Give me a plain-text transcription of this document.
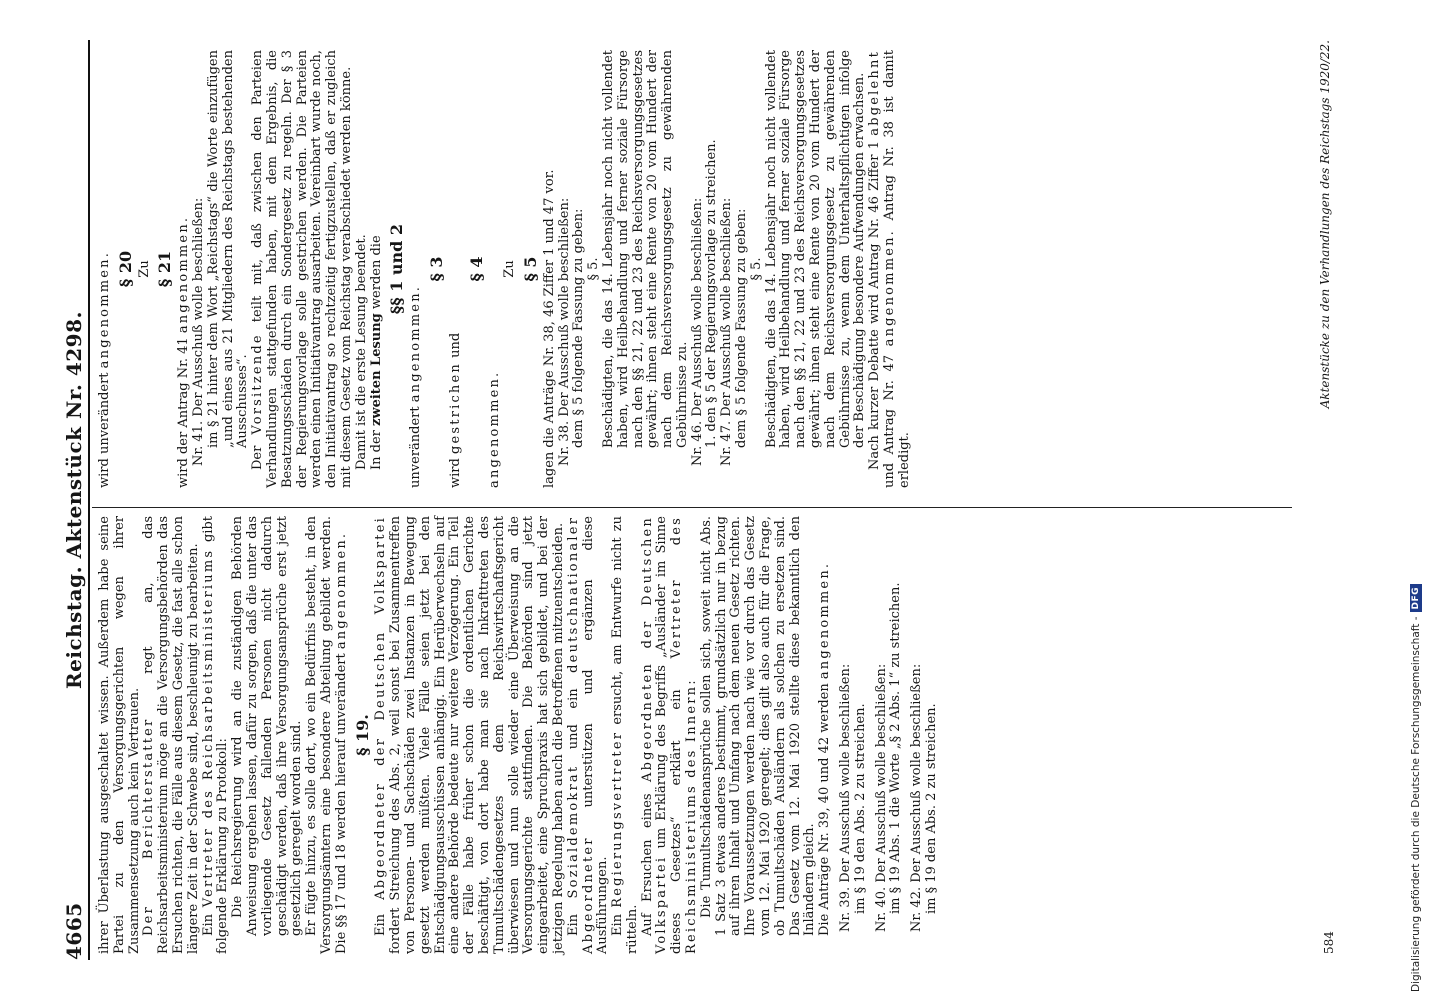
4665
Reichstag. Aktenstück Nr. 4298.

ihrer Überlastung ausgeschaltet wissen. Außerdem habe seine Partei zu den Versorgungsgerichten wegen ihrer Zusammensetzung auch kein Vertrauen. Der Berichterstatter regt an, das Reichsarbeitsministerium möge an die Versorgungsbehörden das Ersuchen richten, die Fälle aus diesem Gesetz, die fast alle schon längere Zeit in der Schwebe sind, beschleunigt zu bearbeiten. Ein Vertreter des Reichsarbeitsministeriums gibt folgende Erklärung zu Protokoll: Die Reichsregierung wird an die zuständigen Behörden Anweisung ergehen lassen, dafür zu sorgen, daß die unter das vorliegende Gesetz fallenden Personen nicht dadurch geschädigt werden, daß ihre Versorgungsansprüche erst jetzt gesetzlich geregelt worden sind. Er fügte hinzu, es solle dort, wo ein Bedürfnis besteht, in den Versorgungsämtern eine besondere Abteilung gebildet werden. Die §§ 17 und 18 werden hierauf unverändert angenommen.

§ 19.

Ein Abgeordneter der Deutschen Volkspartei fordert Streichung des Abs. 2, weil sonst bei Zusammentreffen von Personen- und Sachschäden zwei Instanzen in Bewegung gesetzt werden müßten. Viele Fälle seien jetzt bei den Entschädigungsausschüssen anhängig. Ein Herüberwechseln auf eine andere Behörde bedeute nur weitere Verzögerung. Ein Teil der Fälle habe früher schon die ordentlichen Gerichte beschäftigt, von dort habe man sie nach Inkrafttreten des Tumultschädengesetzes dem Reichswirtschaftsgericht überwiesen und nun solle wieder eine Überweisung an die Versorgungsgerichte stattfinden. Die Behörden sind jetzt eingearbeitet, eine Spruchpraxis hat sich gebildet, und bei der jetzigen Regelung haben auch die Betroffenen mitzuentscheiden. Ein Sozialdemokrat und ein deutschnationaler Abgeordneter unterstützen und ergänzen diese Ausführungen. Ein Regierungsvertreter ersucht, am Entwurfe nicht zu rütteln. Auf Ersuchen eines Abgeordneten der Deutschen Volkspartei um Erklärung des Begriffs „Ausländer im Sinne dieses Gesetzes“ erklärt ein Vertreter des Reichsministeriums des Innern: Die Tumultschädenansprüche sollen sich, soweit nicht Abs. 1 Satz 3 etwas anderes bestimmt, grundsätzlich nur in bezug auf ihren Inhalt und Umfang nach dem neuen Gesetz richten. Ihre Voraussetzungen werden nach wie vor durch das Gesetz vom 12. Mai 1920 geregelt; dies gilt also auch für die Frage, ob Tumultschäden Ausländern als solchen zu ersetzen sind. Das Gesetz vom 12. Mai 1920 stellte diese bekanntlich den Inländern gleich. Die Anträge Nr. 39, 40 und 42 werden angenommen.

Nr. 39. Der Ausschuß wolle beschließen: im § 19 den Abs. 2 zu streichen. Nr. 40. Der Ausschuß wolle beschließen: im § 19 Abs. 1 die Worte „§ 2 Abs. 1“ zu streichen. Nr. 42. Der Ausschuß wolle beschließen: im § 19 den Abs. 2 zu streichen.

wird unverändert angenommen. § 20 Zu § 21

wird der Antrag Nr. 41 angenommen. Nr. 41. Der Ausschuß wolle beschließen: im § 21 hinter dem Wort „Reichstags“ die Worte einzufügen „und eines aus 21 Mitgliedern des Reichstags bestehenden Ausschusses“.

Der Vorsitzende teilt mit, daß zwischen den Parteien Verhandlungen stattgefunden haben, mit dem Ergebnis, die Besatzungsschäden durch ein Sondergesetz zu regeln. Der § 3 der Regierungsvorlage solle gestrichen werden. Die Parteien werden einen Initiativantrag ausarbeiten. Vereinbart wurde noch, den Initiativantrag so rechtzeitig fertigzustellen, daß er zugleich mit diesem Gesetz vom Reichstag verabschiedet werden könne. Damit ist die erste Lesung beendet. In der zweiten Lesung werden die §§ 1 und 2

unverändert angenommen.

§ 3

wird gestrichen und

§ 4

angenommen.

Zu § 5 lagen die Anträge Nr. 38, 46 Ziffer 1 und 47 vor. Nr. 38. Der Ausschuß wolle beschließen: dem § 5 folgende Fassung zu geben: § 5. Beschädigten, die das 14. Lebensjahr noch nicht vollendet haben, wird Heilbehandlung und ferner soziale Fürsorge nach den §§ 21, 22 und 23 des Reichsversorgungsgesetzes gewährt; ihnen steht eine Rente von 20 vom Hundert der nach dem Reichsversorgungsgesetz zu gewährenden Gebührnisse zu. Nr. 46. Der Ausschuß wolle beschließen: 1. den § 5 der Regierungsvorlage zu streichen. Nr. 47. Der Ausschuß wolle beschließen: dem § 5 folgende Fassung zu geben: § 5. Beschädigten, die das 14. Lebensjahr noch nicht vollendet haben, wird Heilbehandlung und ferner soziale Fürsorge nach den §§ 21, 22 und 23 des Reichsversorgungsgesetzes gewährt; ihnen steht eine Rente von 20 vom Hundert der nach dem Reichsversorgungsgesetz zu gewährenden Gebührnisse zu, wenn dem Unterhaltspflichtigen infolge der Beschädigung besondere Aufwendungen erwachsen. Nach kurzer Debatte wird Antrag Nr. 46 Ziffer 1 abgelehnt und Antrag Nr. 47 angenommen. Antrag Nr. 38 ist damit erledigt.

Aktenstücke zu den Verhandlungen des Reichstags 1920/22.
584	Digitalisierung gefördert durch die Deutsche Forschungsgemeinschaft -
DFG
